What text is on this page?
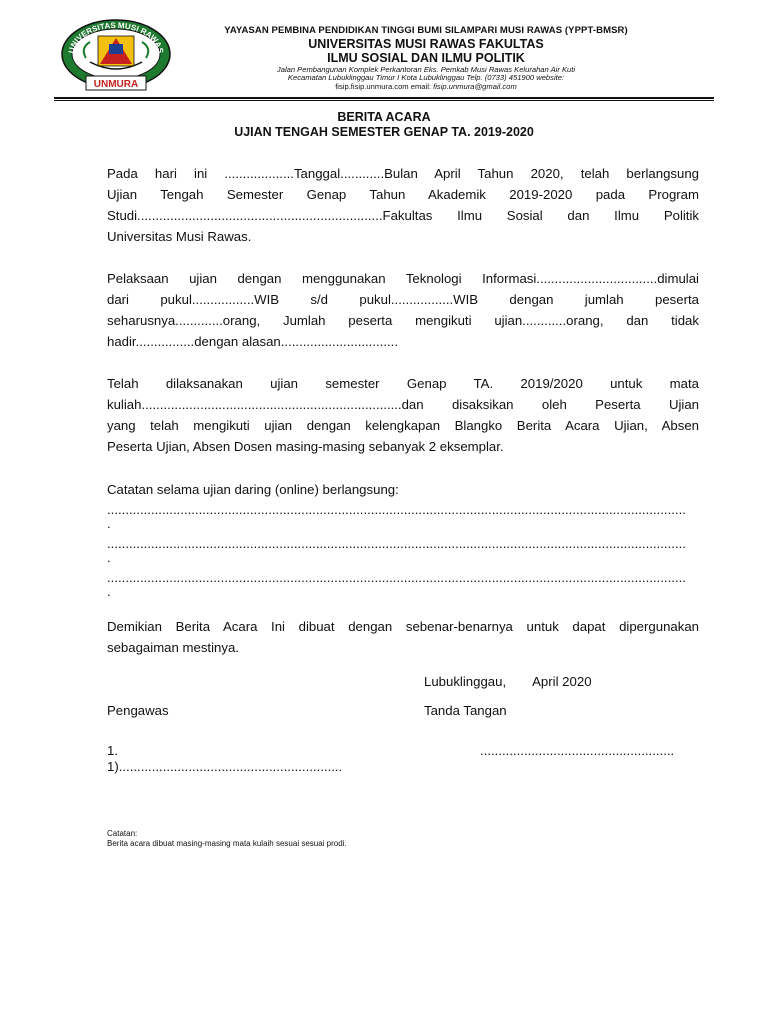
UNIVERSITAS MUSI RAWAS
UNMURA
YAYASAN PEMBINA PENDIDIKAN TINGGI BUMI SILAMPARI MUSI RAWAS (YPPT-BMSR)
UNIVERSITAS MUSI RAWAS FAKULTAS
ILMU SOSIAL DAN ILMU POLITIK
Jalan Pembangunan Komplek Perkantoran Eks. Pemkab Musi Rawas Kelurahan Air Kuti
Kecamatan Lubuklinggau Timur I Kota Lubuklinggau Telp. (0733) 451900 website:
fisip.fisip.unmura.com email: fisip.unmura@gmail.com
BERITA ACARA
UJIAN TENGAH SEMESTER GENAP TA. 2019-2020
Pada hari ini ...................Tanggal............Bulan April Tahun 2020, telah berlangsung
Ujian Tengah Semester Genap Tahun Akademik 2019-2020 pada Program
Studi...................................................................Fakultas Ilmu Sosial dan Ilmu Politik
Universitas Musi Rawas.
Pelaksaan ujian dengan menggunakan Teknologi Informasi.................................dimulai
dari pukul.................WIB s/d pukul.................WIB dengan jumlah peserta
seharusnya.............orang, Jumlah peserta mengikuti ujian............orang, dan tidak
hadir................dengan alasan................................
Telah dilaksanakan ujian semester Genap TA. 2019/2020 untuk mata
kuliah.......................................................................dan disaksikan oleh Peserta Ujian
yang telah mengikuti ujian dengan kelengkapan Blangko Berita Acara Ujian, Absen
Peserta Ujian, Absen Dosen masing-masing sebanyak 2 eksemplar.
Catatan selama ujian daring (online) berlangsung:
..............................................................................................................................................................
.
..............................................................................................................................................................
.
..............................................................................................................................................................
.
Demikian Berita Acara Ini dibuat dengan sebenar-benarnya untuk dapat dipergunakan
sebagaiman mestinya.
Lubuklinggau, April 2020
Pengawas	Tanda Tangan
1.
1).............................................................
.....................................................
Catatan:
Berita acara dibuat masing-masing mata kulaih sesuai sesuai prodi.
